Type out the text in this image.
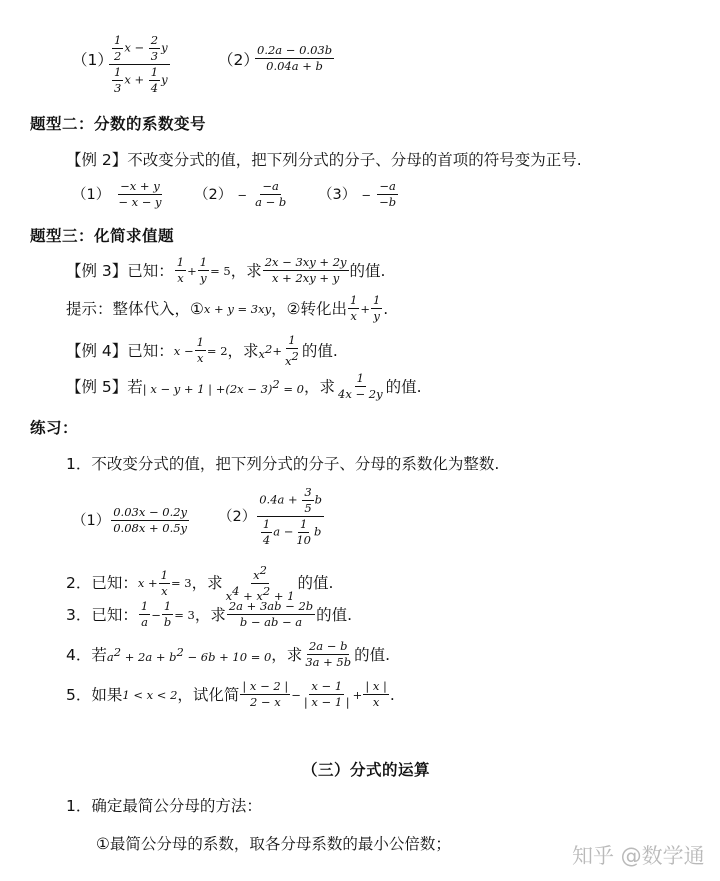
（1）
$\frac{\frac{1}{2} x - \frac{2}{3} y}{\frac{1}{3} x + \frac{1}{4} y}$	（2）
$\frac{0.2a - 0.03b}{0.04a + b}$
题型二：分数的系数变号
【例 2】不改变分式的值，把下列分式的分子、分母的首项的符号变为正号.
$(1) \frac{-x + y}{- x - y} (2) - \frac{-a}{a - b} (3) - \frac{-a}{-b}$
题型三：化简求值题
【例 3】已知： $\frac{1}{x} + \frac{1}{y} = 5$ ，求 $\frac{2x - 3xy + 2y}{x + 2xy + y}$ 的值.
提示：整体代入，① x + y = 3xy ，②转化出 $\frac{1}{x} + \frac{1}{y}$ .
【例 4】已知： $x - \frac{1}{x} = 2$ ，求 $x^2 + \frac{1}{x^2}$ 的值.
【例 5】若 | x − y + 1 | $+(2x - 3)^2 = 0$ ，求 $\frac{1}{4x - 2y}$ 的值.
练习：
1．不改变分式的值，把下列分式的分子、分母的系数化为整数.
$(1) \frac{0.03x - 0.2y}{0.08x + 0.5y} (2) \frac{0.4a + \frac{3}{5} b}{\frac{1}{4} a - \frac{1}{10} b}$
2．已知： $x + \frac{1}{x} = 3$ ，求 $\frac{x^2}{x^4 + x^2 + 1}$ 的值.
3．已知： $\frac{1}{a} - \frac{1}{b} = 3$ ，求 $\frac{2a + 3ab - 2b}{b - ab - a}$ 的值.
4．若 $a^2 + 2a + b^2 - 6b + 10 = 0$ ，求 $\frac{2a - b}{3a + 5b}$ 的值.
5．如果 1 < x < 2 ，试化简 $\frac{| x - 2 |}{2 - x} - \frac{x - 1}{| x - 1 |} + \frac{| x |}{x}$ .
（三）分式的运算
1．确定最简公分母的方法：
①最简公分母的系数，取各分母系数的最小公倍数；	知乎 @数学通
